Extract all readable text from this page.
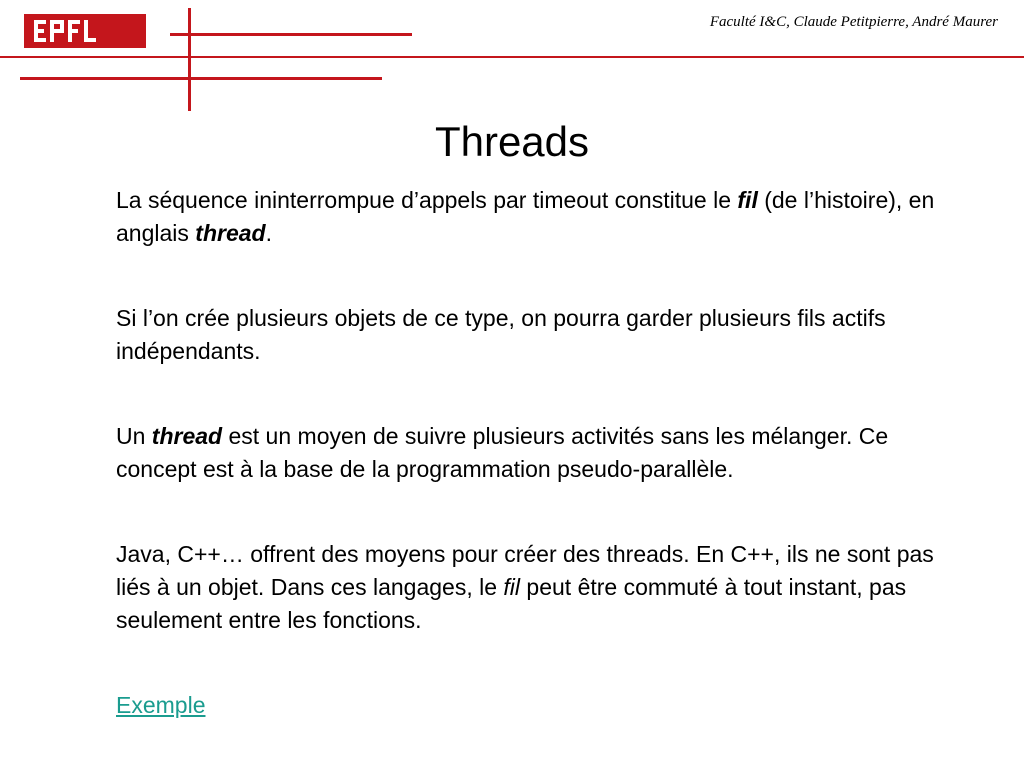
Faculté I&C, Claude Petitpierre, André Maurer
Threads

La séquence ininterrompue d’appels par timeout constitue le fil (de l’histoire), en anglais thread.

Si l’on crée plusieurs objets de ce type, on pourra garder plusieurs fils actifs indépendants.

Un thread est un moyen de suivre plusieurs activités sans les mélanger. Ce concept est à la base de la programmation pseudo-parallèle.

Java, C++… offrent des moyens pour créer des threads. En C++, ils ne sont pas liés à un objet. Dans ces langages, le fil peut être commuté à tout instant, pas seulement entre les fonctions.

Exemple
